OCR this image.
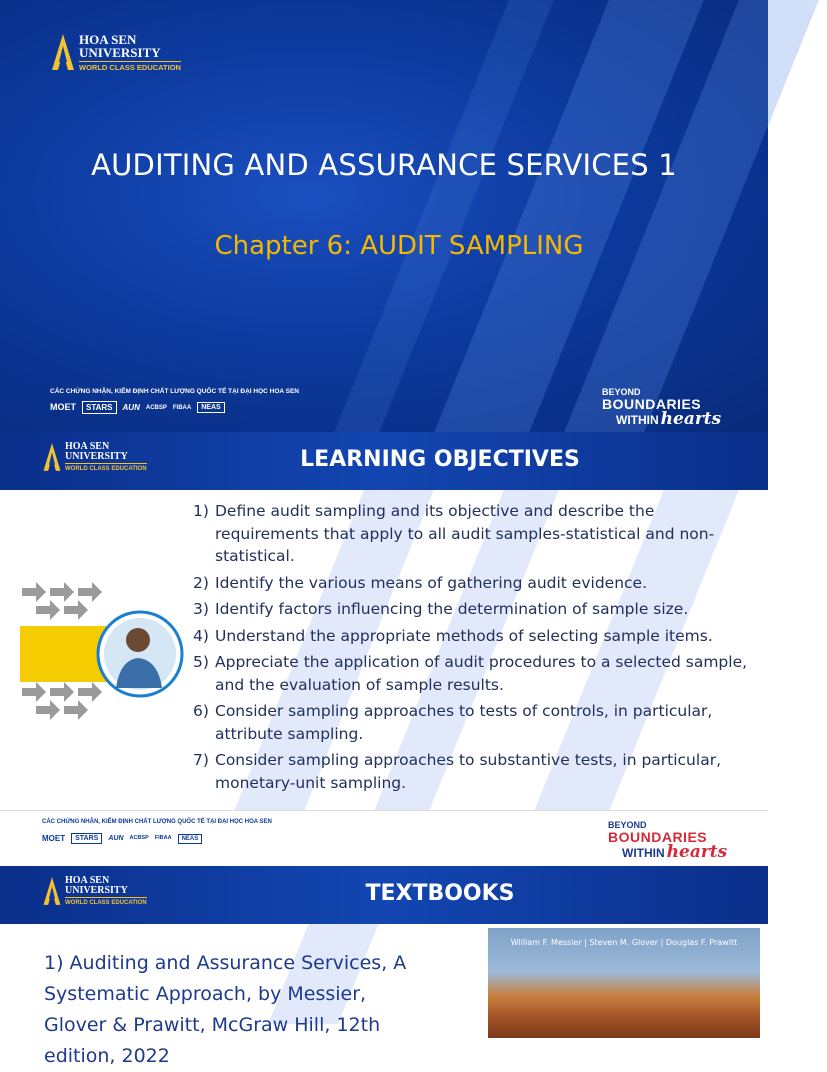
HOA SEN
UNIVERSITY
WORLD CLASS EDUCATION
AUDITING AND ASSURANCE SERVICES 1
Chapter 6: AUDIT SAMPLING
CÁC CHỨNG NHẬN, KIỂM ĐỊNH CHẤT LƯỢNG QUỐC TẾ TẠI ĐẠI HỌC HOA SEN
MOET	STARS	AUN ACBSP FIBAA	NEAS
BEYOND
BOUNDARIES
WITHIN hearts
HOA SEN
UNIVERSITY
WORLD CLASS EDUCATION	LEARNING OBJECTIVES
1) Define audit sampling and its objective and describe the requirements that apply to all audit samples-statistical and non-statistical.
2) Identify the various means of gathering audit evidence.
3) Identify factors influencing the determination of sample size.
4) Understand the appropriate methods of selecting sample items.
5) Appreciate the application of audit procedures to a selected sample, and the evaluation of sample results.
6) Consider sampling approaches to tests of controls, in particular, attribute sampling.
7) Consider sampling approaches to substantive tests, in particular, monetary-unit sampling.
CÁC CHỨNG NHẬN, KIỂM ĐỊNH CHẤT LƯỢNG QUỐC TẾ TẠI ĐẠI HỌC HOA SEN
MOET	STARS	AUN ACBSP FIBAA	NEAS
BEYOND
BOUNDARIES
WITHIN hearts
HOA SEN
UNIVERSITY
WORLD CLASS EDUCATION	TEXTBOOKS
1) Auditing and Assurance Services, A Systematic Approach, by Messier, Glover & Prawitt, McGraw Hill, 12th edition, 2022
William F. Messier | Steven M. Glover | Douglas F. Prawitt
